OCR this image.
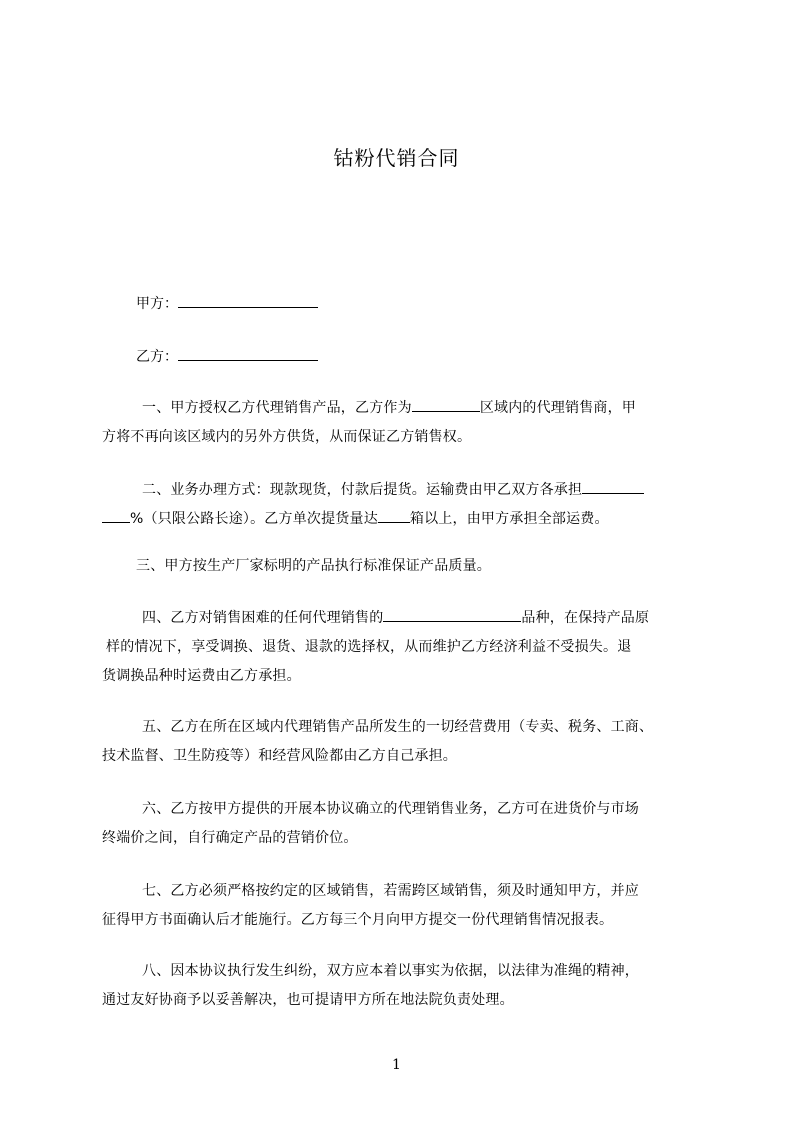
钴粉代销合同
甲方：
乙方：
一、甲方授权乙方代理销售产品，乙方作为	区域内的代理销售商，甲
方将不再向该区域内的另外方供货，从而保证乙方销售权。
二、业务办理方式：现款现货，付款后提货。运输费由甲乙双方各承担
%（只限公路长途）。乙方单次提货量达 箱以上，由甲方承担全部运费。
三、甲方按生产厂家标明的产品执行标准保证产品质量。
四、乙方对销售困难的任何代理销售的	品种，在保持产品原
样的情况下，享受调换、退货、退款的选择权，从而维护乙方经济利益不受损失。退
货调换品种时运费由乙方承担。
五、乙方在所在区域内代理销售产品所发生的一切经营费用（专卖、税务、工商、
技术监督、卫生防疫等）和经营风险都由乙方自己承担。
六、乙方按甲方提供的开展本协议确立的代理销售业务，乙方可在进货价与市场
终端价之间，自行确定产品的营销价位。
七、乙方必须严格按约定的区域销售，若需跨区域销售，须及时通知甲方，并应
征得甲方书面确认后才能施行。乙方每三个月向甲方提交一份代理销售情况报表。
八、因本协议执行发生纠纷，双方应本着以事实为依据，以法律为准绳的精神，
通过友好协商予以妥善解决，也可提请甲方所在地法院负责处理。
1
